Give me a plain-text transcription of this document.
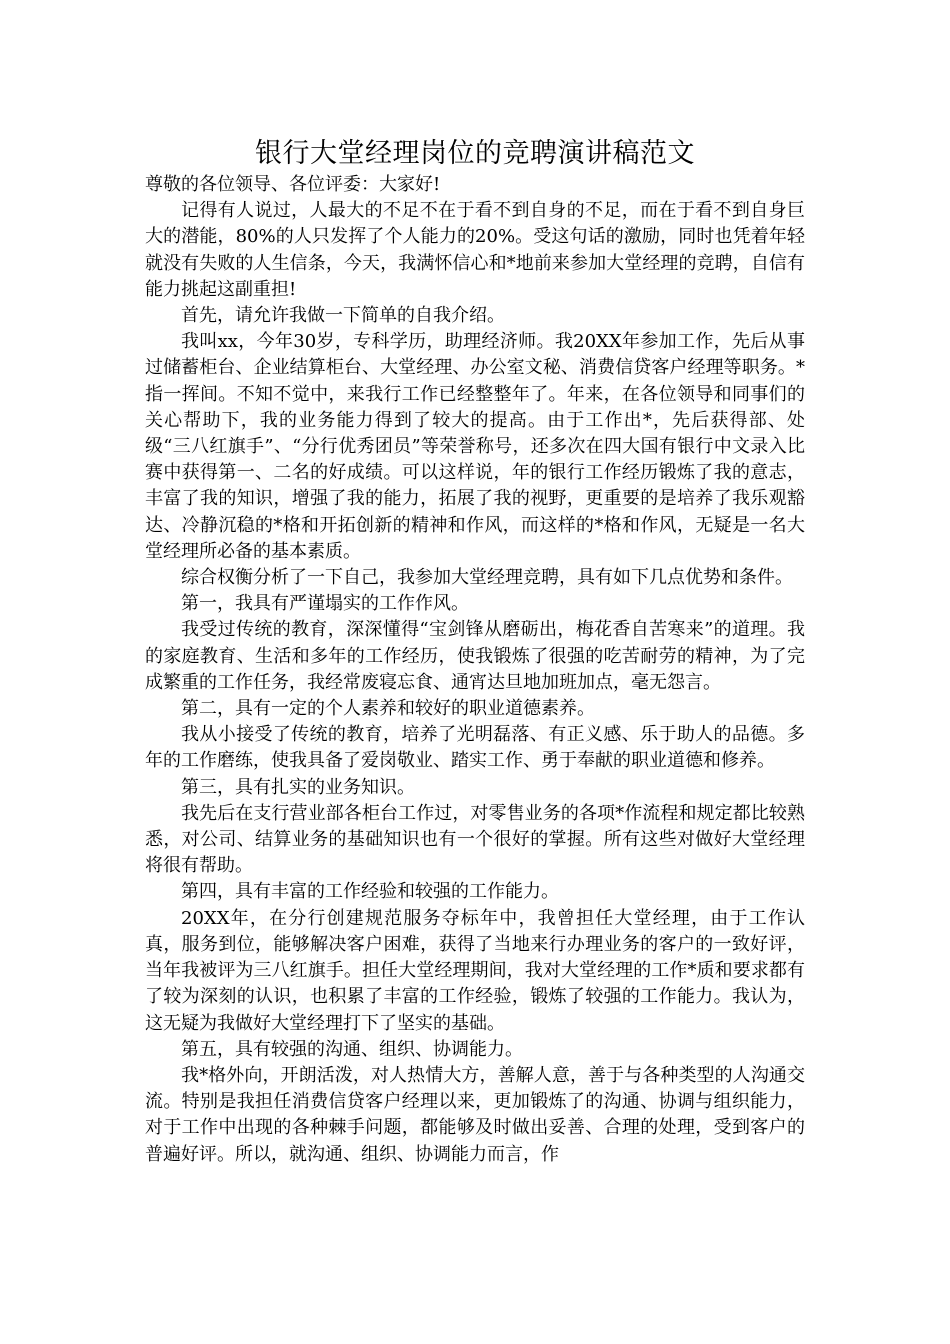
银行大堂经理岗位的竞聘演讲稿范文

尊敬的各位领导、各位评委：大家好!

记得有人说过，人最大的不足不在于看不到自身的不足，而在于看不到自身巨大的潜能，80%的人只发挥了个人能力的20%。受这句话的激励，同时也凭着年轻就没有失败的人生信条，今天，我满怀信心和*地前来参加大堂经理的竞聘，自信有能力挑起这副重担!

首先，请允许我做一下简单的自我介绍。

我叫xx，今年30岁，专科学历，助理经济师。我20XX年参加工作，先后从事过储蓄柜台、企业结算柜台、大堂经理、办公室文秘、消费信贷客户经理等职务。*指一挥间。不知不觉中，来我行工作已经整整年了。年来，在各位领导和同事们的关心帮助下，我的业务能力得到了较大的提高。由于工作出*，先后获得部、处级“三八红旗手”、“分行优秀团员”等荣誉称号，还多次在四大国有银行中文录入比赛中获得第一、二名的好成绩。可以这样说，年的银行工作经历锻炼了我的意志，丰富了我的知识，增强了我的能力，拓展了我的视野，更重要的是培养了我乐观豁达、冷静沉稳的*格和开拓创新的精神和作风，而这样的*格和作风，无疑是一名大堂经理所必备的基本素质。

综合权衡分析了一下自己，我参加大堂经理竞聘，具有如下几点优势和条件。

第一，我具有严谨塌实的工作作风。

我受过传统的教育，深深懂得“宝剑锋从磨砺出，梅花香自苦寒来”的道理。我的家庭教育、生活和多年的工作经历，使我锻炼了很强的吃苦耐劳的精神，为了完成繁重的工作任务，我经常废寝忘食、通宵达旦地加班加点，毫无怨言。

第二，具有一定的个人素养和较好的职业道德素养。

我从小接受了传统的教育，培养了光明磊落、有正义感、乐于助人的品德。多年的工作磨练，使我具备了爱岗敬业、踏实工作、勇于奉献的职业道德和修养。

第三，具有扎实的业务知识。

我先后在支行营业部各柜台工作过，对零售业务的各项*作流程和规定都比较熟悉，对公司、结算业务的基础知识也有一个很好的掌握。所有这些对做好大堂经理将很有帮助。

第四，具有丰富的工作经验和较强的工作能力。

20XX年，在分行创建规范服务夺标年中，我曾担任大堂经理，由于工作认真，服务到位，能够解决客户困难，获得了当地来行办理业务的客户的一致好评，当年我被评为三八红旗手。担任大堂经理期间，我对大堂经理的工作*质和要求都有了较为深刻的认识，也积累了丰富的工作经验，锻炼了较强的工作能力。我认为，这无疑为我做好大堂经理打下了坚实的基础。

第五，具有较强的沟通、组织、协调能力。

我*格外向，开朗活泼，对人热情大方，善解人意，善于与各种类型的人沟通交流。特别是我担任消费信贷客户经理以来，更加锻炼了的沟通、协调与组织能力，对于工作中出现的各种棘手问题，都能够及时做出妥善、合理的处理，受到客户的普遍好评。所以，就沟通、组织、协调能力而言，作
